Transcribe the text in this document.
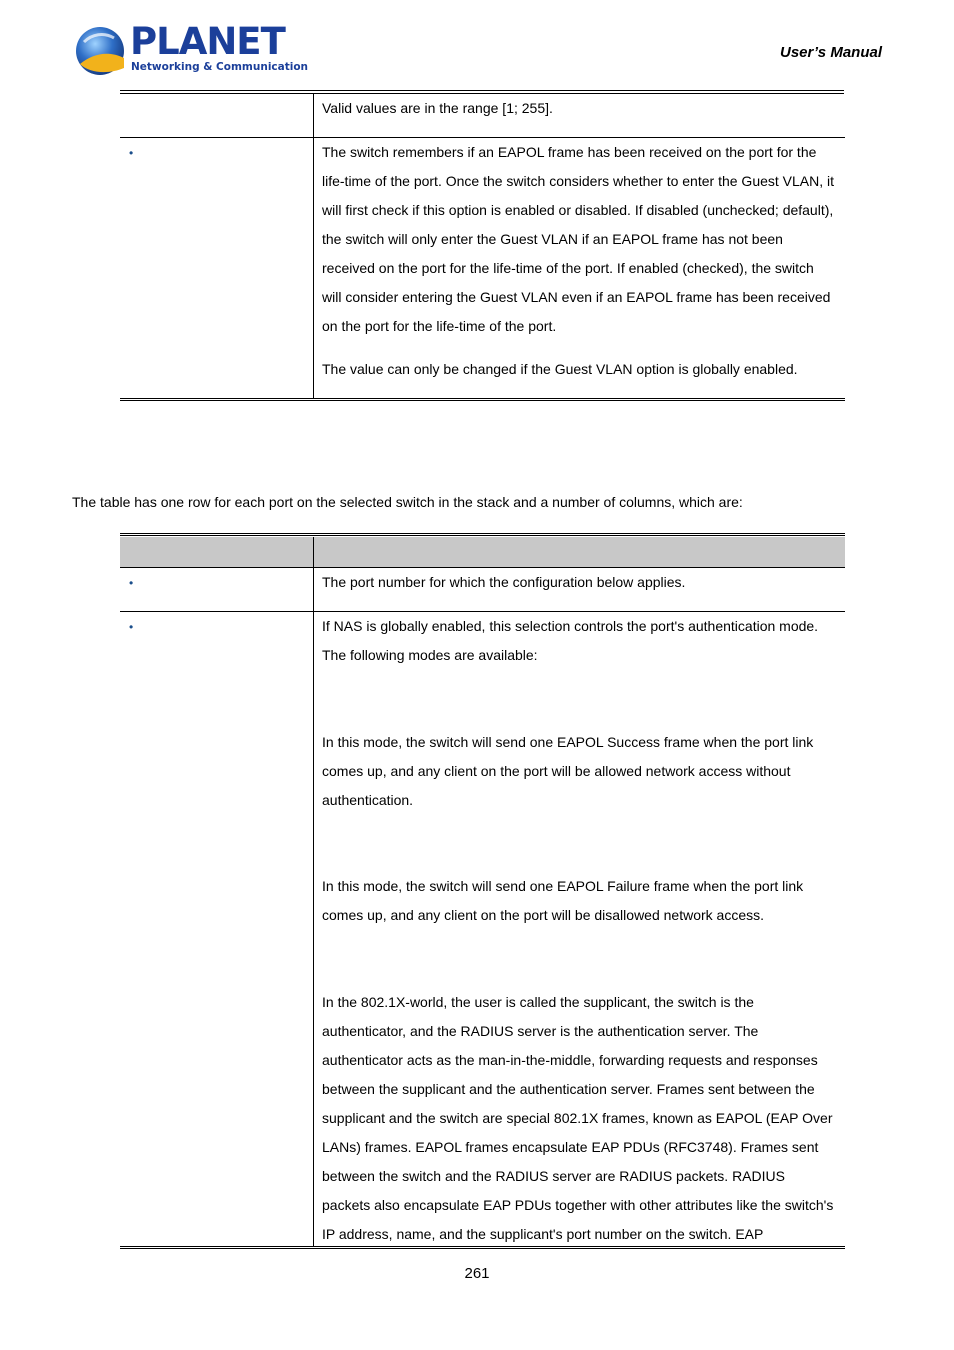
PLANET
Networking & Communication
User’s Manual

Valid values are in the range [1; 255].

•	The switch remembers if an EAPOL frame has been received on the port for the life-time of the port. Once the switch considers whether to enter the Guest VLAN, it will first check if this option is enabled or disabled. If disabled (unchecked; default), the switch will only enter the Guest VLAN if an EAPOL frame has not been received on the port for the life-time of the port. If enabled (checked), the switch will consider entering the Guest VLAN even if an EAPOL frame has been received on the port for the life-time of the port.

The value can only be changed if the Guest VLAN option is globally enabled.

The table has one row for each port on the selected switch in the stack and a number of columns, which are:
•	The port number for which the configuration below applies.

•	If NAS is globally enabled, this selection controls the port's authentication mode. The following modes are available:

In this mode, the switch will send one EAPOL Success frame when the port link comes up, and any client on the port will be allowed network access without authentication.

In this mode, the switch will send one EAPOL Failure frame when the port link comes up, and any client on the port will be disallowed network access.

In the 802.1X-world, the user is called the supplicant, the switch is the authenticator, and the RADIUS server is the authentication server. The authenticator acts as the man-in-the-middle, forwarding requests and responses between the supplicant and the authentication server. Frames sent between the supplicant and the switch are special 802.1X frames, known as EAPOL (EAP Over LANs) frames. EAPOL frames encapsulate EAP PDUs (RFC3748). Frames sent between the switch and the RADIUS server are RADIUS packets. RADIUS packets also encapsulate EAP PDUs together with other attributes like the switch's IP address, name, and the supplicant's port number on the switch. EAP

261
